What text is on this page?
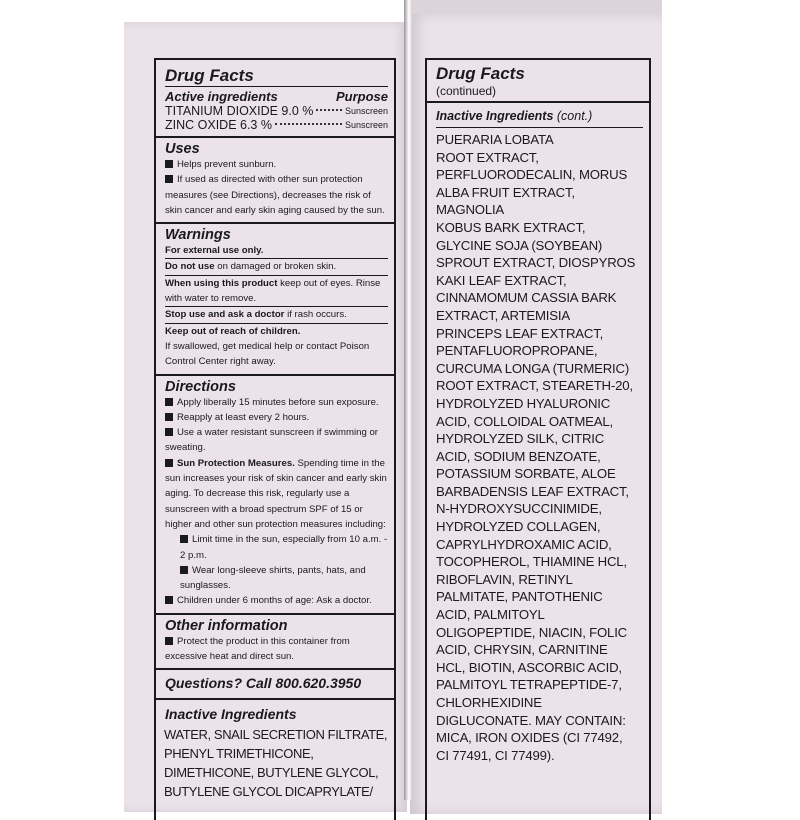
Drug Facts
Active ingredients	Purpose
TITANIUM DIOXIDE 9.0 %	Sunscreen
ZINC OXIDE 6.3 %	Sunscreen
Uses
Helps prevent sunburn.
If used as directed with other sun protection measures (see Directions), decreases the risk of skin cancer and early skin aging caused by the sun.
Warnings
For external use only.
Do not use on damaged or broken skin.
When using this product keep out of eyes. Rinse with water to remove.
Stop use and ask a doctor if rash occurs.
Keep out of reach of children.
If swallowed, get medical help or contact Poison Control Center right away.
Directions
Apply liberally 15 minutes before sun exposure.
Reapply at least every 2 hours.
Use a water resistant sunscreen if swimming or sweating.
Sun Protection Measures. Spending time in the sun increases your risk of skin cancer and early skin aging. To decrease this risk, regularly use a sunscreen with a broad spectrum SPF of 15 or higher and other sun protection measures including:
Limit time in the sun, especially from 10 a.m. - 2 p.m.
Wear long-sleeve shirts, pants, hats, and sunglasses.
Children under 6 months of age: Ask a doctor.
Other information
Protect the product in this container from excessive heat and direct sun.
Questions? Call 800.620.3950
Inactive Ingredients
WATER, SNAIL SECRETION FILTRATE,
PHENYL TRIMETHICONE,
DIMETHICONE, BUTYLENE GLYCOL,
BUTYLENE GLYCOL DICAPRYLATE/
Drug Facts
(continued)
Inactive Ingredients (cont.)
PUERARIA LOBATA
ROOT EXTRACT,
PERFLUORODECALIN, MORUS
ALBA FRUIT EXTRACT, MAGNOLIA
KOBUS BARK EXTRACT,
GLYCINE SOJA (SOYBEAN)
SPROUT EXTRACT, DIOSPYROS
KAKI LEAF EXTRACT,
CINNAMOMUM CASSIA BARK
EXTRACT, ARTEMISIA
PRINCEPS LEAF EXTRACT,
PENTAFLUOROPROPANE,
CURCUMA LONGA (TURMERIC)
ROOT EXTRACT, STEARETH-20,
HYDROLYZED HYALURONIC
ACID, COLLOIDAL OATMEAL,
HYDROLYZED SILK, CITRIC
ACID, SODIUM BENZOATE,
POTASSIUM SORBATE, ALOE
BARBADENSIS LEAF EXTRACT,
N-HYDROXYSUCCINIMIDE,
HYDROLYZED COLLAGEN,
CAPRYLHYDROXAMIC ACID,
TOCOPHEROL, THIAMINE HCL,
RIBOFLAVIN, RETINYL
PALMITATE, PANTOTHENIC
ACID, PALMITOYL
OLIGOPEPTIDE, NIACIN, FOLIC
ACID, CHRYSIN, CARNITINE
HCL, BIOTIN, ASCORBIC ACID,
PALMITOYL TETRAPEPTIDE-7,
CHLORHEXIDINE
DIGLUCONATE. MAY CONTAIN:
MICA, IRON OXIDES (CI 77492,
CI 77491, CI 77499).
